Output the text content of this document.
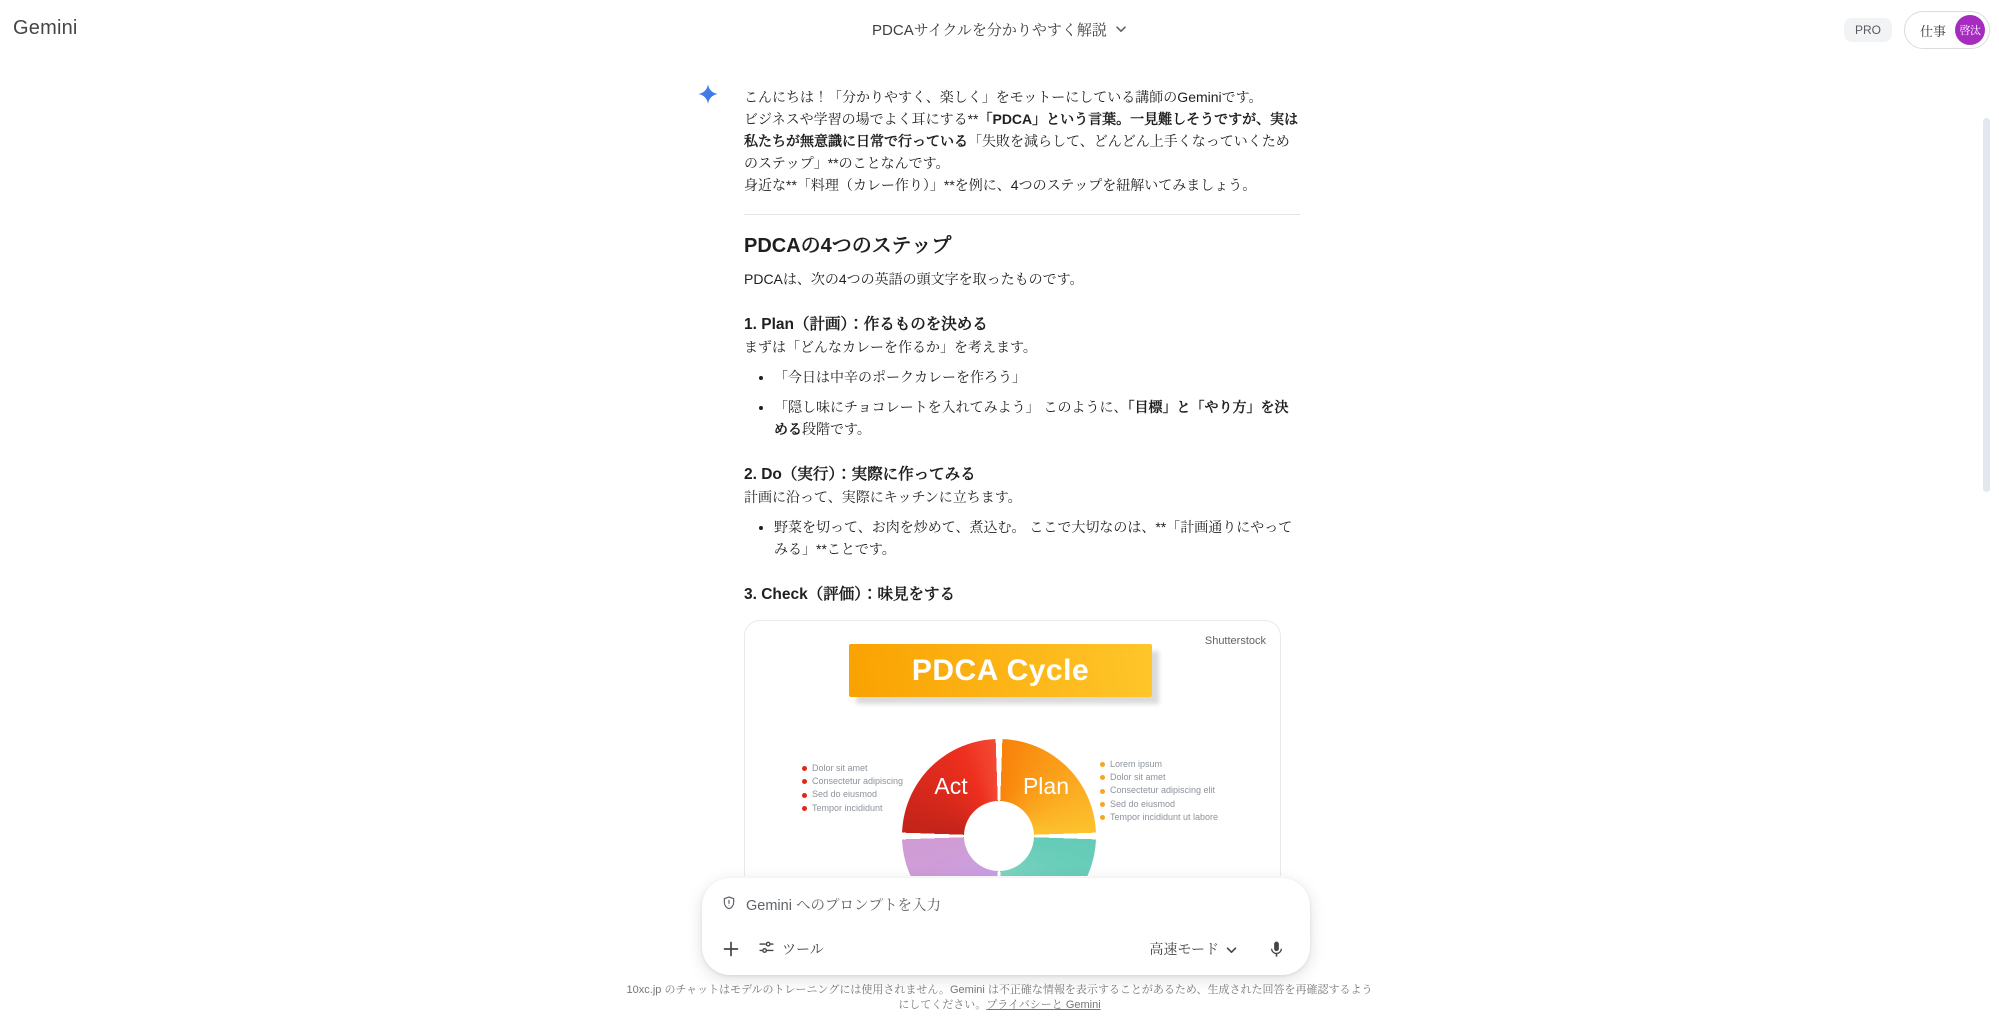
Gemini	PDCAサイクルを分かりやすく解説	PRO	仕事	啓汰

こんにちは！「分かりやすく、楽しく」をモットーにしている講師のGeminiです。

ビジネスや学習の場でよく耳にする**「PDCA」という言葉。一見難しそうですが、実は私たちが無意識に日常で行っている「失敗を減らして、どんどん上手くなっていくためのステップ」**のことなんです。

身近な**「料理（カレー作り）」**を例に、4つのステップを紐解いてみましょう。

PDCAの4つのステップ

PDCAは、次の4つの英語の頭文字を取ったものです。

1. Plan（計画）：作るものを決める

まずは「どんなカレーを作るか」を考えます。

• 「今日は中辛のポークカレーを作ろう」
• 「隠し味にチョコレートを入れてみよう」 このように、「目標」と「やり方」を決める段階です。
2. Do（実行）：実際に作ってみる

計画に沿って、実際にキッチンに立ちます。

• 野菜を切って、お肉を炒めて、煮込む。 ここで大切なのは、**「計画通りにやってみる」**ことです。
3. Check（評価）：味見をする
Shutterstock
PDCA Cycle
Act	Plan
Dolor sit amet
Consectetur adipiscing
Sed do eiusmod
Tempor incididunt
Lorem ipsum
Dolor sit amet
Consectetur adipiscing elit
Sed do eiusmod
Tempor incididunt ut labore
Gemini へのプロンプトを入力
ツール	高速モード
10xc.jp のチャットはモデルのトレーニングには使用されません。Gemini は不正確な情報を表示することがあるため、生成された回答を再確認するよう
にしてください。プライバシーと Gemini
